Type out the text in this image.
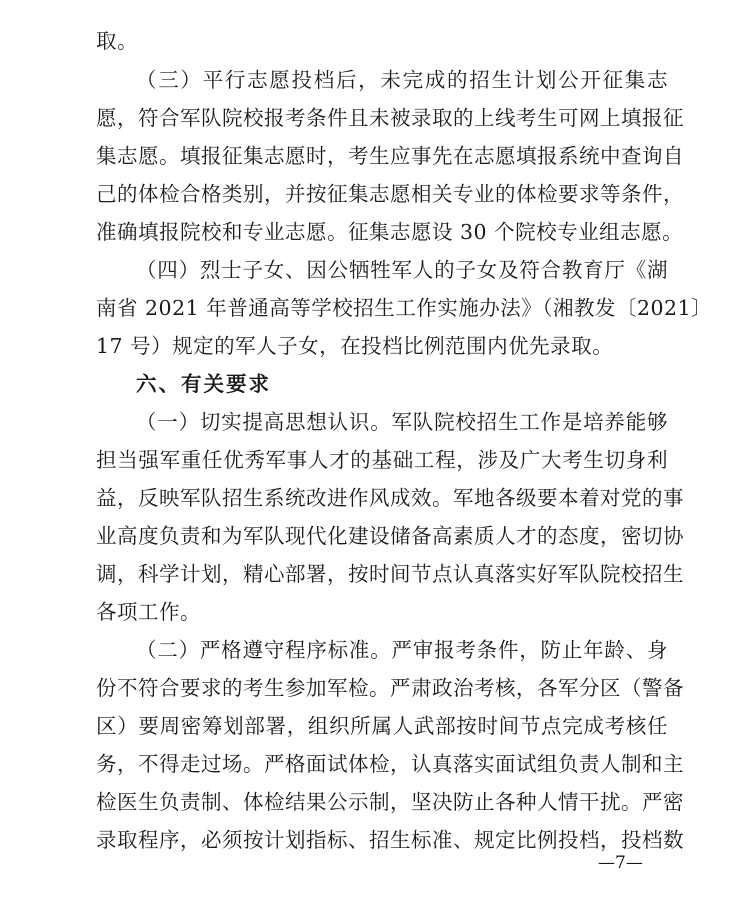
取。
（三）平行志愿投档后，未完成的招生计划公开征集志
愿，符合军队院校报考条件且未被录取的上线考生可网上填报征
集志愿。填报征集志愿时，考生应事先在志愿填报系统中查询自
己的体检合格类别，并按征集志愿相关专业的体检要求等条件，
准确填报院校和专业志愿。征集志愿设 30 个院校专业组志愿。
（四）烈士子女、因公牺牲军人的子女及符合教育厅《湖
南省 2021 年普通高等学校招生工作实施办法》（湘教发〔2021〕
17 号）规定的军人子女，在投档比例范围内优先录取。
六、有关要求
（一）切实提高思想认识。军队院校招生工作是培养能够
担当强军重任优秀军事人才的基础工程，涉及广大考生切身利
益，反映军队招生系统改进作风成效。军地各级要本着对党的事
业高度负责和为军队现代化建设储备高素质人才的态度，密切协
调，科学计划，精心部署，按时间节点认真落实好军队院校招生
各项工作。
（二）严格遵守程序标准。严审报考条件，防止年龄、身
份不符合要求的考生参加军检。严肃政治考核，各军分区（警备
区）要周密筹划部署，组织所属人武部按时间节点完成考核任
务，不得走过场。严格面试体检，认真落实面试组负责人制和主
检医生负责制、体检结果公示制，坚决防止各种人情干扰。严密
录取程序，必须按计划指标、招生标准、规定比例投档，投档数
—7—
